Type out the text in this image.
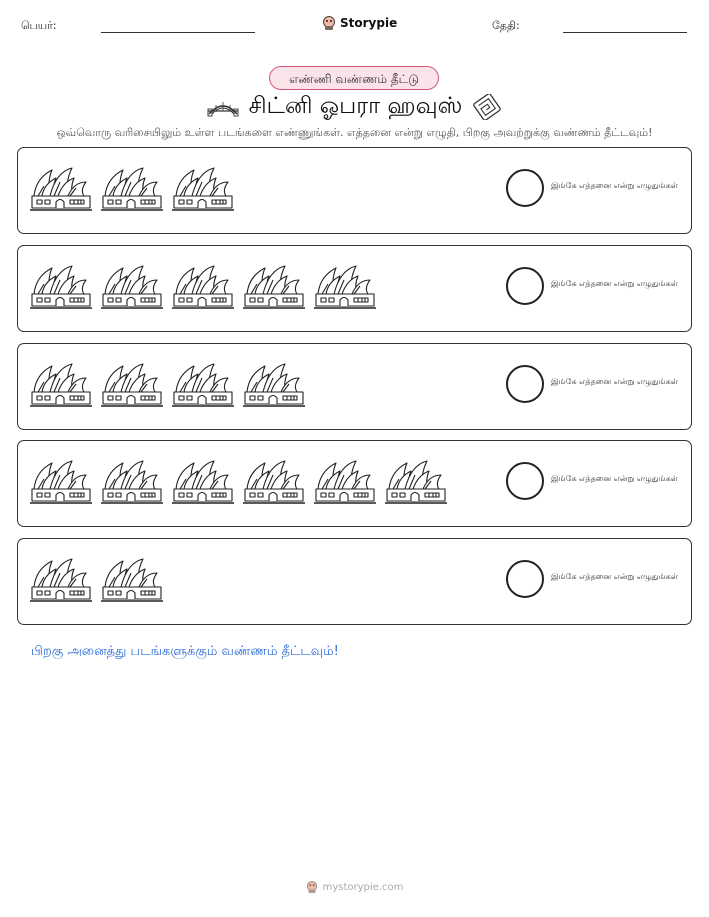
பெயர்:	Storypie	தேதி:
எண்ணி வண்ணம் தீட்டு
சிட்னி ஓபரா ஹவுஸ்
ஒவ்வொரு வரிசையிலும் உள்ள படங்களை எண்ணுங்கள். எத்தனை என்று எழுதி, பிறகு அவற்றுக்கு வண்ணம் தீட்டவும்!
இங்கே எத்தனை என்று எழுதுங்கள்
இங்கே எத்தனை என்று எழுதுங்கள்
இங்கே எத்தனை என்று எழுதுங்கள்
இங்கே எத்தனை என்று எழுதுங்கள்
இங்கே எத்தனை என்று எழுதுங்கள்
பிறகு அனைத்து படங்களுக்கும் வண்ணம் தீட்டவும்!
mystorypie.com
